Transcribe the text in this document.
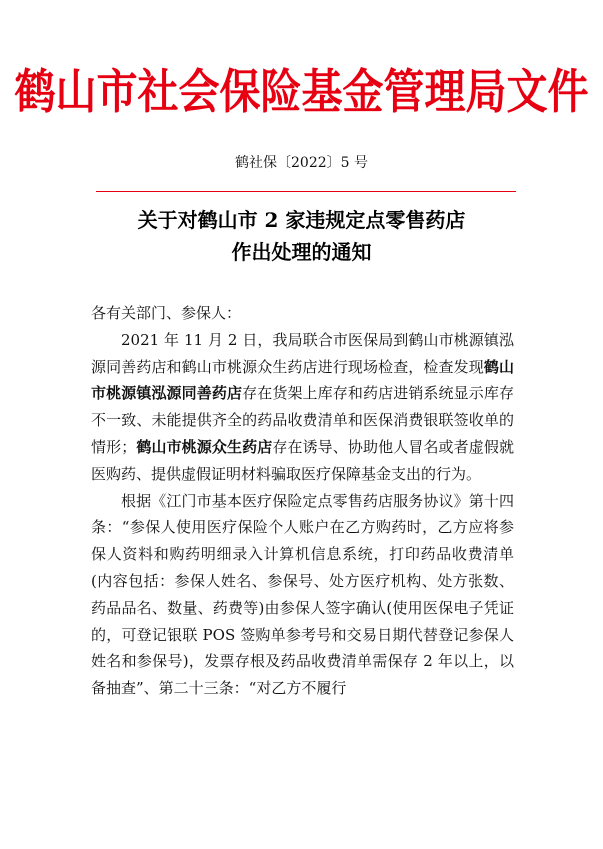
鹤山市社会保险基金管理局文件
鹤社保〔2022〕5 号
关于对鹤山市 2 家违规定点零售药店
作出处理的通知

各有关部门、参保人：

2021 年 11 月 2 日，我局联合市医保局到鹤山市桃源镇泓源同善药店和鹤山市桃源众生药店进行现场检查，检查发现鹤山市桃源镇泓源同善药店存在货架上库存和药店进销系统显示库存不一致、未能提供齐全的药品收费清单和医保消费银联签收单的情形；鹤山市桃源众生药店存在诱导、协助他人冒名或者虚假就医购药、提供虚假证明材料骗取医疗保障基金支出的行为。

根据《江门市基本医疗保险定点零售药店服务协议》第十四条：“参保人使用医疗保险个人账户在乙方购药时，乙方应将参保人资料和购药明细录入计算机信息系统，打印药品收费清单(内容包括：参保人姓名、参保号、处方医疗机构、处方张数、药品品名、数量、药费等)由参保人签字确认(使用医保电子凭证的，可登记银联 POS 签购单参考号和交易日期代替登记参保人姓名和参保号)，发票存根及药品收费清单需保存 2 年以上，以备抽查”、第二十三条：“对乙方不履行
